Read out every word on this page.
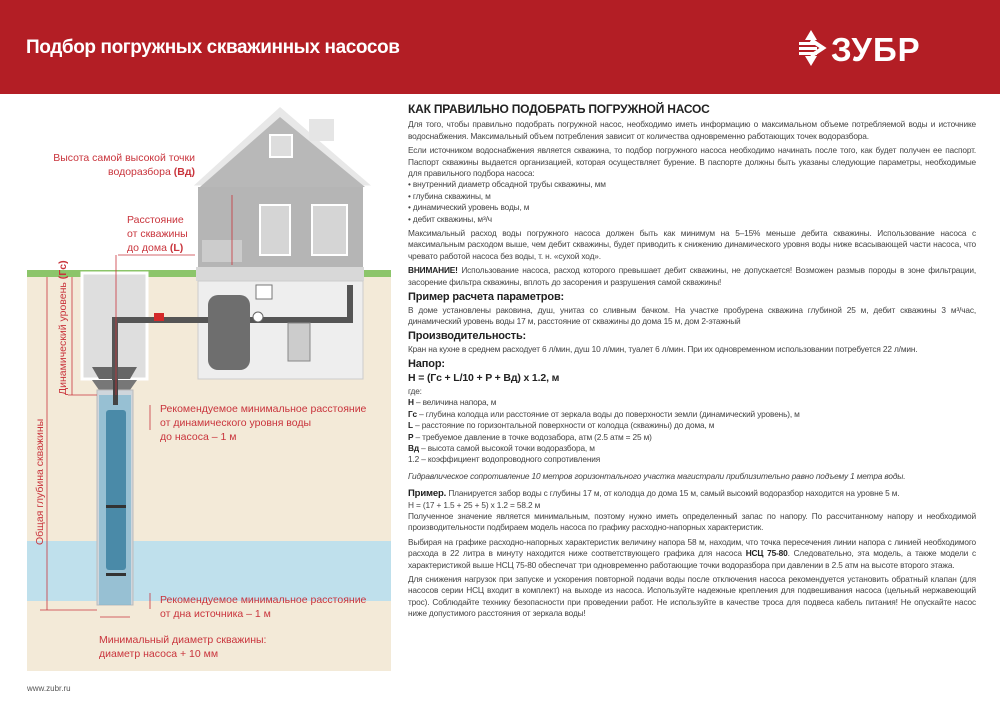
Подбор погружных скважинных насосов	ЗУБР
Высота самой высокой точки
водоразбора (Вд)
Расстояние
от скважины
до дома (L)
Динамический уровень (Гс)
Общая глубина скважины
Рекомендуемое минимальное расстояние
от динамического уровня воды
до насоса – 1 м
Рекомендуемое минимальное расстояние
от дна источника – 1 м
Минимальный диаметр скважины:
диаметр насоса + 10 мм
www.zubr.ru
КАК ПРАВИЛЬНО ПОДОБРАТЬ ПОГРУЖНОЙ НАСОС

Для того, чтобы правильно подобрать погружной насос, необходимо иметь информацию о максимальном объеме потребляемой воды и источнике водоснабжения. Максимальный объем потребления зависит от количества одновременно работающих точек водоразбора.

Если источником водоснабжения является скважина, то подбор погружного насоса необходимо начинать после того, как будет получен ее паспорт. Паспорт скважины выдается организацией, которая осуществляет бурение. В паспорте должны быть указаны следующие параметры, необходимые для правильного подбора насоса:

• внутренний диаметр обсадной трубы скважины, мм
• глубина скважины, м
• динамический уровень воды, м
• дебит скважины, м³/ч

Максимальный расход воды погружного насоса должен быть как минимум на 5–15% меньше дебита скважины. Использование насоса с максимальным расходом выше, чем дебит скважины, будет приводить к снижению динамического уровня воды ниже всасывающей части насоса, что чревато работой насоса без воды, т. н. «сухой ход».

ВНИМАНИЕ! Использование насоса, расход которого превышает дебит скважины, не допускается! Возможен размыв породы в зоне фильтрации, засорение фильтра скважины, вплоть до засорения и разрушения самой скважины!

Пример расчета параметров:

В доме установлены раковина, душ, унитаз со сливным бачком. На участке пробурена скважина глубиной 25 м, дебит скважины 3 м³/час, динамический уровень воды 17 м, расстояние от скважины до дома 15 м, дом 2-этажный

Производительность:

Кран на кухне в среднем расходует 6 л/мин, душ 10 л/мин, туалет 6 л/мин. При их одновременном использовании потребуется 22 л/мин.

Напор:
H = (Гс + L/10 + P + Вд) x 1.2, м
где:
H – величина напора, м
Гс – глубина колодца или расстояние от зеркала воды до поверхности земли (динамический уровень), м
L – расстояние по горизонтальной поверхности от колодца (скважины) до дома, м
P – требуемое давление в точке водозабора, атм (2.5 атм = 25 м)
Вд – высота самой высокой точки водоразбора, м
1.2 – коэффициент водопроводного сопротивления

Гидравлическое сопротивление 10 метров горизонтального участка магистрали приблизительно равно подъему 1 метра воды.

Пример. Планируется забор воды с глубины 17 м, от колодца до дома 15 м, самый высокий водоразбор находится на уровне 5 м.
H = (17 + 1.5 + 25 + 5) x 1.2 = 58.2 м

Полученное значение является минимальным, поэтому нужно иметь определенный запас по напору. По рассчитанному напору и необходимой производительности подбираем модель насоса по графику расходно-напорных характеристик.

Выбирая на графике расходно-напорных характеристик величину напора 58 м, находим, что точка пересечения линии напора с линией необходимого расхода в 22 литра в минуту находится ниже соответствующего графика для насоса НСЦ 75-80. Следовательно, эта модель, а также модели с характеристикой выше НСЦ 75-80 обеспечат три одновременно работающие точки водоразбора при давлении в 2.5 атм на высоте второго этажа.

Для снижения нагрузок при запуске и ускорения повторной подачи воды после отключения насоса рекомендуется установить обратный клапан (для насосов серии НСЦ входит в комплект) на выходе из насоса. Используйте надежные крепления для подвешивания насоса (цельный нержавеющий трос). Соблюдайте технику безопасности при проведении работ. Не используйте в качестве троса для подвеса кабель питания! Не опускайте насос ниже допустимого расстояния от зеркала воды!
